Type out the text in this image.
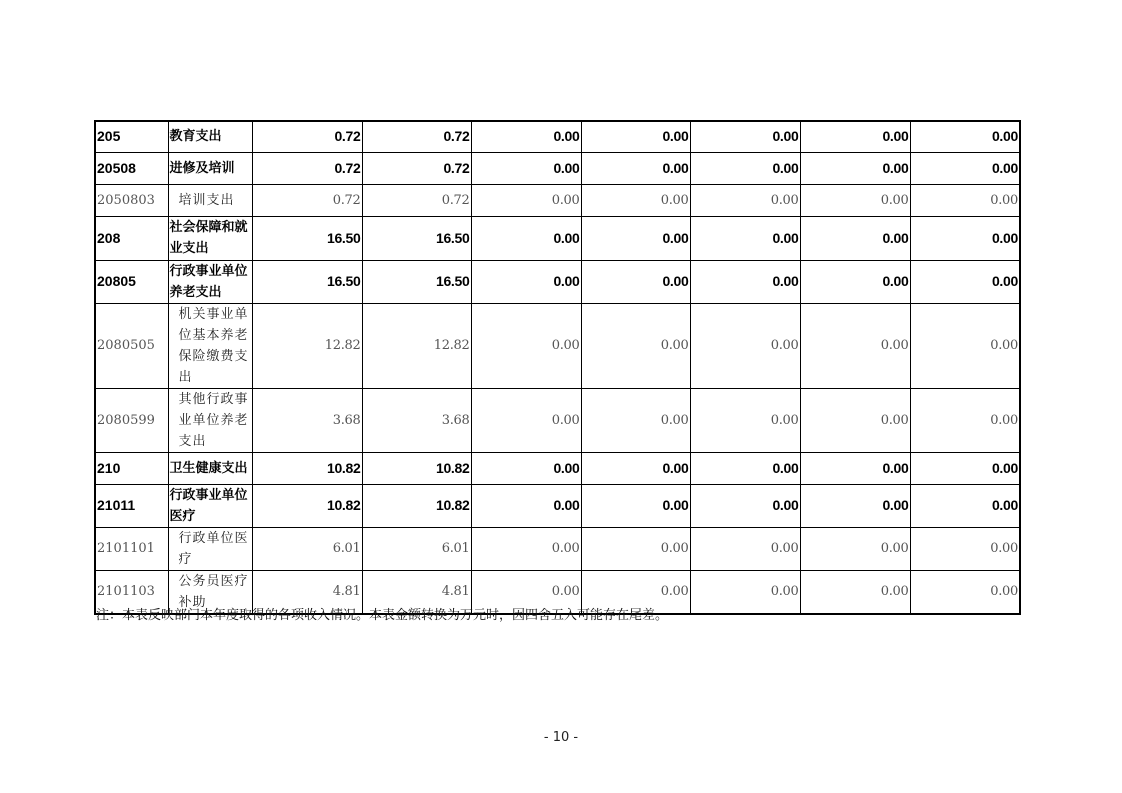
205	教育支出	0.72	0.72	0.00	0.00	0.00	0.00	0.00
20508	进修及培训	0.72	0.72	0.00	0.00	0.00	0.00	0.00
2050803	培训支出	0.72	0.72	0.00	0.00	0.00	0.00	0.00
208	社会保障和就业支出	16.50	16.50	0.00	0.00	0.00	0.00	0.00
20805	行政事业单位养老支出	16.50	16.50	0.00	0.00	0.00	0.00	0.00
2080505	机关事业单位基本养老保险缴费支出	12.82	12.82	0.00	0.00	0.00	0.00	0.00
2080599	其他行政事业单位养老支出	3.68	3.68	0.00	0.00	0.00	0.00	0.00
210	卫生健康支出	10.82	10.82	0.00	0.00	0.00	0.00	0.00
21011	行政事业单位医疗	10.82	10.82	0.00	0.00	0.00	0.00	0.00
2101101	行政单位医疗	6.01	6.01	0.00	0.00	0.00	0.00	0.00
2101103	公务员医疗补助	4.81	4.81	0.00	0.00	0.00	0.00	0.00
注：本表反映部门本年度取得的各项收入情况。本表金额转换为万元时，因四舍五入可能存在尾差。
- 10 -
